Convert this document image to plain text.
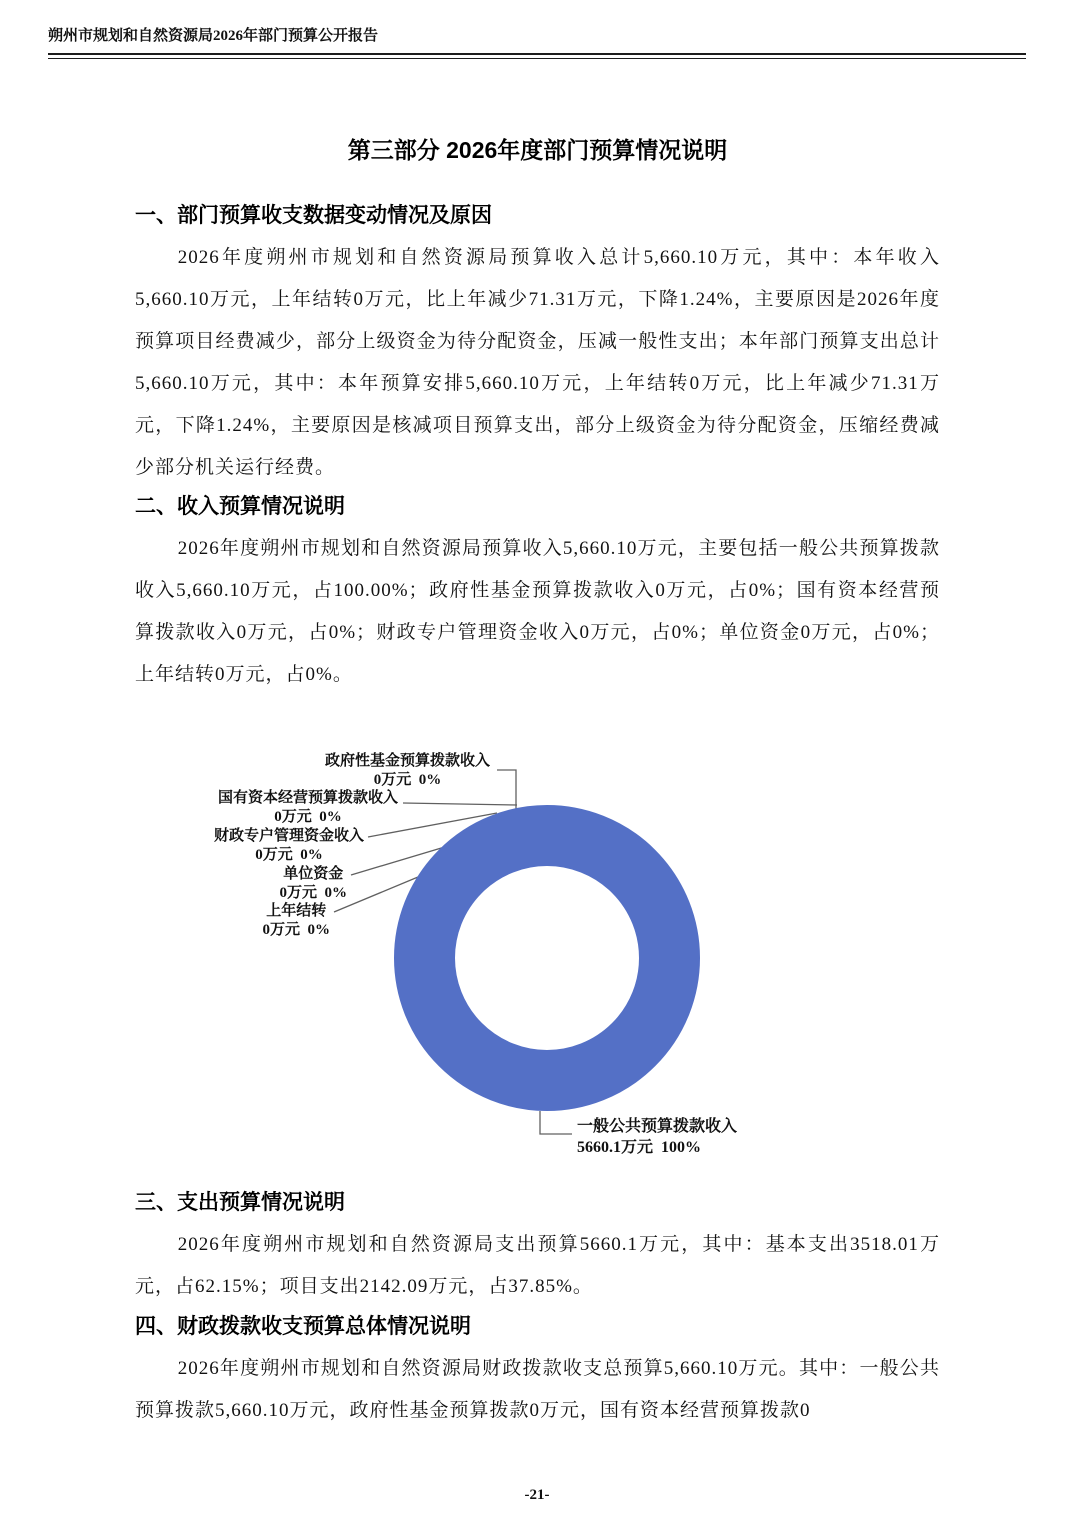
朔州市规划和自然资源局2026年部门预算公开报告
第三部分 2026年度部门预算情况说明
一、部门预算收支数据变动情况及原因

2026年度朔州市规划和自然资源局预算收入总计5,660.10万元，其中：本年收入5,660.10万元，上年结转0万元，比上年减少71.31万元，下降1.24%，主要原因是2026年度预算项目经费减少，部分上级资金为待分配资金，压减一般性支出；本年部门预算支出总计5,660.10万元，其中：本年预算安排5,660.10万元，上年结转0万元，比上年减少71.31万元，下降1.24%，主要原因是核减项目预算支出，部分上级资金为待分配资金，压缩经费减少部分机关运行经费。

二、收入预算情况说明

2026年度朔州市规划和自然资源局预算收入5,660.10万元，主要包括一般公共预算拨款收入5,660.10万元，占100.00%；政府性基金预算拨款收入0万元，占0%；国有资本经营预算拨款收入0万元，占0%；财政专户管理资金收入0万元，占0%；单位资金0万元，占0%；上年结转0万元，占0%。

政府性基金预算拨款收入
0万元  0%
国有资本经营预算拨款收入
0万元  0%
财政专户管理资金收入
0万元  0%
单位资金
0万元  0%
上年结转
0万元  0%
一般公共预算拨款收入
5660.1万元  100%
三、支出预算情况说明

2026年度朔州市规划和自然资源局支出预算5660.1万元，其中：基本支出3518.01万元，占62.15%；项目支出2142.09万元，占37.85%。

四、财政拨款收支预算总体情况说明

2026年度朔州市规划和自然资源局财政拨款收支总预算5,660.10万元。其中：一般公共预算拨款5,660.10万元，政府性基金预算拨款0万元，国有资本经营预算拨款0

-21-
